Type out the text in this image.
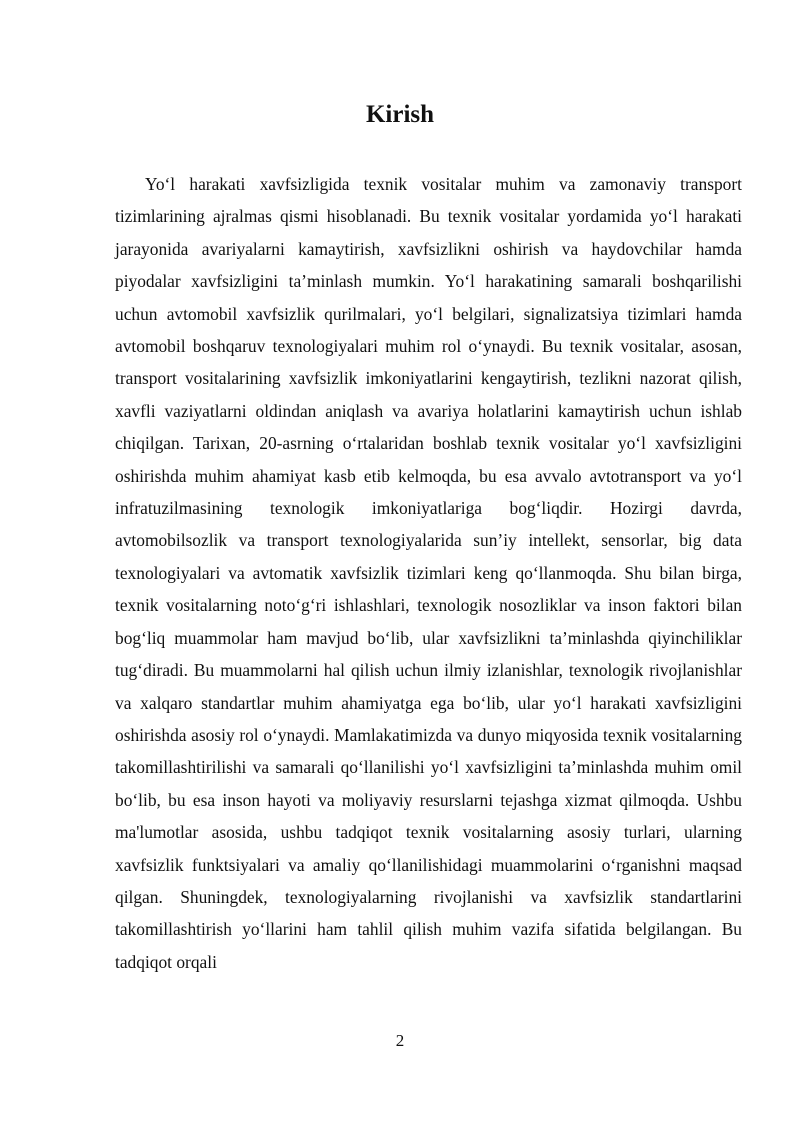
Kirish

Yo‘l harakati xavfsizligida texnik vositalar muhim va zamonaviy transport tizimlarining ajralmas qismi hisoblanadi. Bu texnik vositalar yordamida yo‘l harakati jarayonida avariyalarni kamaytirish, xavfsizlikni oshirish va haydovchilar hamda piyodalar xavfsizligini ta’minlash mumkin. Yo‘l harakatining samarali boshqarilishi uchun avtomobil xavfsizlik qurilmalari, yo‘l belgilari, signalizatsiya tizimlari hamda avtomobil boshqaruv texnologiyalari muhim rol o‘ynaydi. Bu texnik vositalar, asosan, transport vositalarining xavfsizlik imkoniyatlarini kengaytirish, tezlikni nazorat qilish, xavfli vaziyatlarni oldindan aniqlash va avariya holatlarini kamaytirish uchun ishlab chiqilgan. Tarixan, 20-asrning o‘rtalaridan boshlab texnik vositalar yo‘l xavfsizligini oshirishda muhim ahamiyat kasb etib kelmoqda, bu esa avvalo avtotransport va yo‘l infratuzilmasining texnologik imkoniyatlariga bog‘liqdir. Hozirgi davrda, avtomobilsozlik va transport texnologiyalarida sun’iy intellekt, sensorlar, big data texnologiyalari va avtomatik xavfsizlik tizimlari keng qo‘llanmoqda. Shu bilan birga, texnik vositalarning noto‘g‘ri ishlashlari, texnologik nosozliklar va inson faktori bilan bog‘liq muammolar ham mavjud bo‘lib, ular xavfsizlikni ta’minlashda qiyinchiliklar tug‘diradi. Bu muammolarni hal qilish uchun ilmiy izlanishlar, texnologik rivojlanishlar va xalqaro standartlar muhim ahamiyatga ega bo‘lib, ular yo‘l harakati xavfsizligini oshirishda asosiy rol o‘ynaydi. Mamlakatimizda va dunyo miqyosida texnik vositalarning takomillashtirilishi va samarali qo‘llanilishi yo‘l xavfsizligini ta’minlashda muhim omil bo‘lib, bu esa inson hayoti va moliyaviy resurslarni tejashga xizmat qilmoqda. Ushbu ma'lumotlar asosida, ushbu tadqiqot texnik vositalarning asosiy turlari, ularning xavfsizlik funktsiyalari va amaliy qo‘llanilishidagi muammolarini o‘rganishni maqsad qilgan. Shuningdek, texnologiyalarning rivojlanishi va xavfsizlik standartlarini takomillashtirish yo‘llarini ham tahlil qilish muhim vazifa sifatida belgilangan. Bu tadqiqot orqali

2
